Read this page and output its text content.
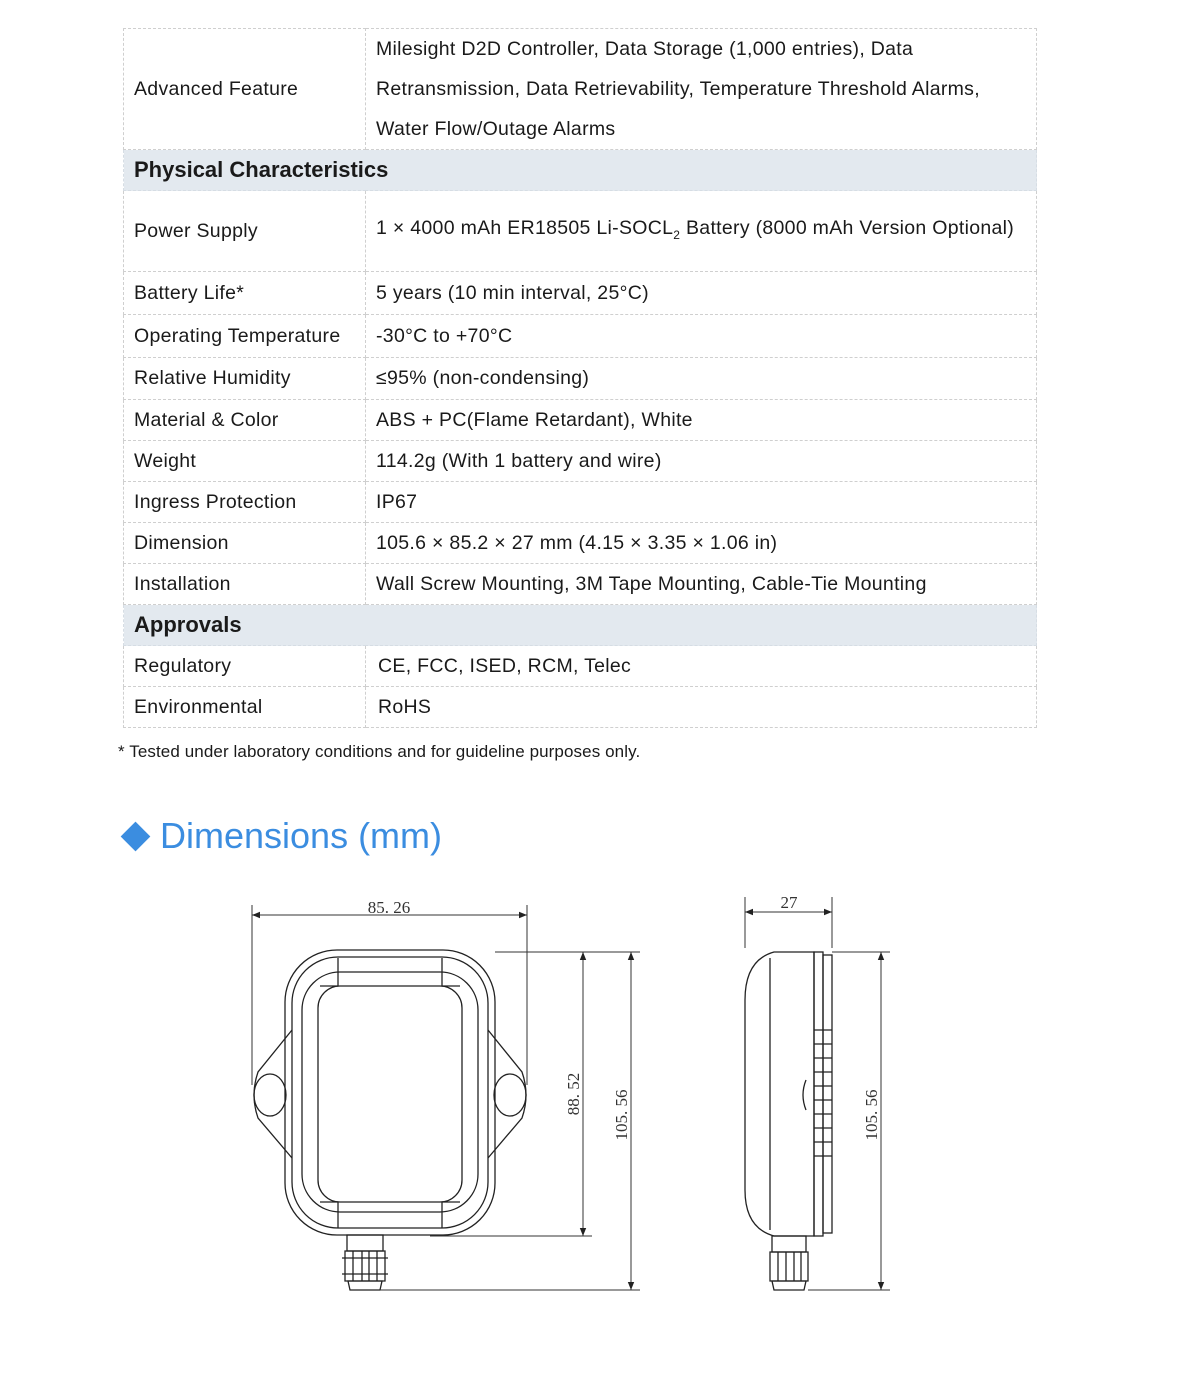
Advanced Feature	Milesight D2D Controller, Data Storage (1,000 entries), Data Retransmission, Data Retrievability, Temperature Threshold Alarms, Water Flow/Outage Alarms
Physical Characteristics	
Power Supply	1 × 4000 mAh ER18505 $Li-SOCL_2$ Battery (8000 mAh Version Optional)
Battery Life*	5 years (10 min interval, 25°C)
Operating Temperature	-30°C to +70°C
Relative Humidity	≤95% (non-condensing)
Material & Color	ABS + PC(Flame Retardant), White
Weight	114.2g (With 1 battery and wire)
Ingress Protection	IP67
Dimension	105.6 × 85.2 × 27 mm (4.15 × 3.35 × 1.06 in)
Installation	Wall Screw Mounting, 3M Tape Mounting, Cable-Tie Mounting
Approvals	
Regulatory	CE, FCC, ISED, RCM, Telec
Environmental	RoHS
* Tested under laboratory conditions and for guideline purposes only.
Dimensions (mm)
85. 26
88. 52 105. 56
27
105. 56
